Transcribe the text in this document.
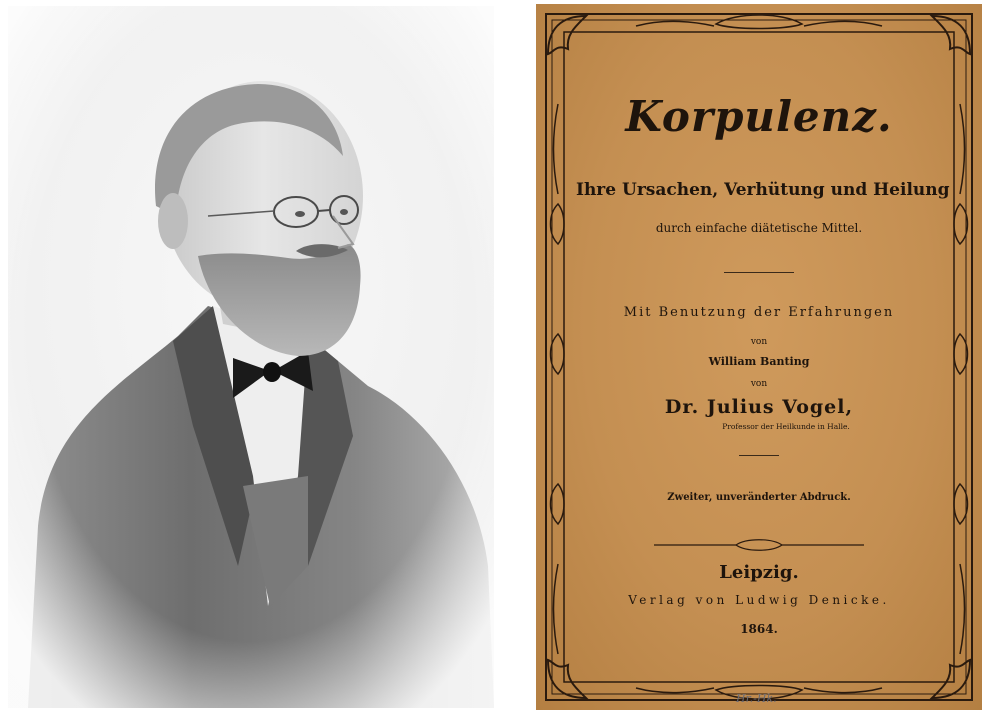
Korpulenz.
Ihre Ursachen, Verhütung und Heilung
durch einfache diätetische Mittel.
Mit Benutzung der Erfahrungen
von
William Banting
von
Dr. Julius Vogel,
Professor der Heilkunde in Halle.
Zweiter, unveränderter Abdruck.
Leipzig.
Verlag von Ludwig Denicke.
1864.
Hr.-Hk.
